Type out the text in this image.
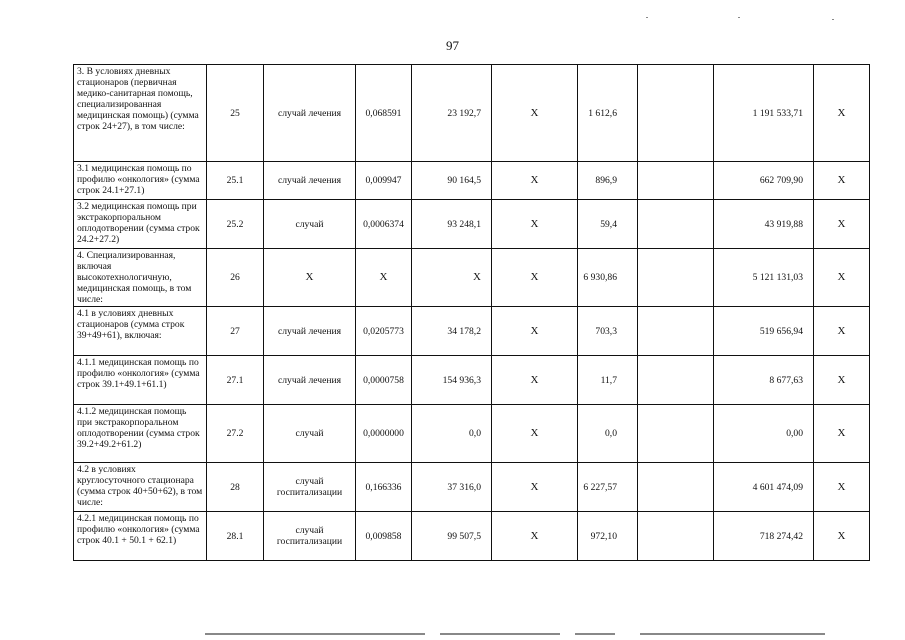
97
3. В условиях дневных стационаров (первичная медико-санитарная помощь, специализированная медицинская помощь) (сумма строк 24+27), в том числе:	25	случай лечения	0,068591	23 192,7	X	1 612,6		1 191 533,71	X
3.1 медицинская помощь по профилю «онкология» (сумма строк 24.1+27.1)	25.1	случай лечения	0,009947	90 164,5	X	896,9		662 709,90	X
3.2 медицинская помощь при экстракорпоральном оплодотворении (сумма строк 24.2+27.2)	25.2	случай	0,0006374	93 248,1	X	59,4		43 919,88	X
4. Специализированная, включая высокотехнологичную, медицинская помощь, в том числе:	26	X	X	X	X	6 930,86		5 121 131,03	X
4.1 в условиях дневных стационаров (сумма строк 39+49+61), включая:	27	случай лечения	0,0205773	34 178,2	X	703,3		519 656,94	X
4.1.1 медицинская помощь по профилю «онкология» (сумма строк 39.1+49.1+61.1)	27.1	случай лечения	0,0000758	154 936,3	X	11,7		8 677,63	X
4.1.2 медицинская помощь при экстракорпоральном оплодотворении (сумма строк 39.2+49.2+61.2)	27.2	случай	0,0000000	0,0	X	0,0		0,00	X
4.2 в условиях круглосуточного стационара (сумма строк 40+50+62), в том числе:	28	случай госпитализации	0,166336	37 316,0	X	6 227,57		4 601 474,09	X
4.2.1 медицинская помощь по профилю «онкология» (сумма строк 40.1 + 50.1 + 62.1)	28.1	случай госпитализации	0,009858	99 507,5	X	972,10		718 274,42	X
